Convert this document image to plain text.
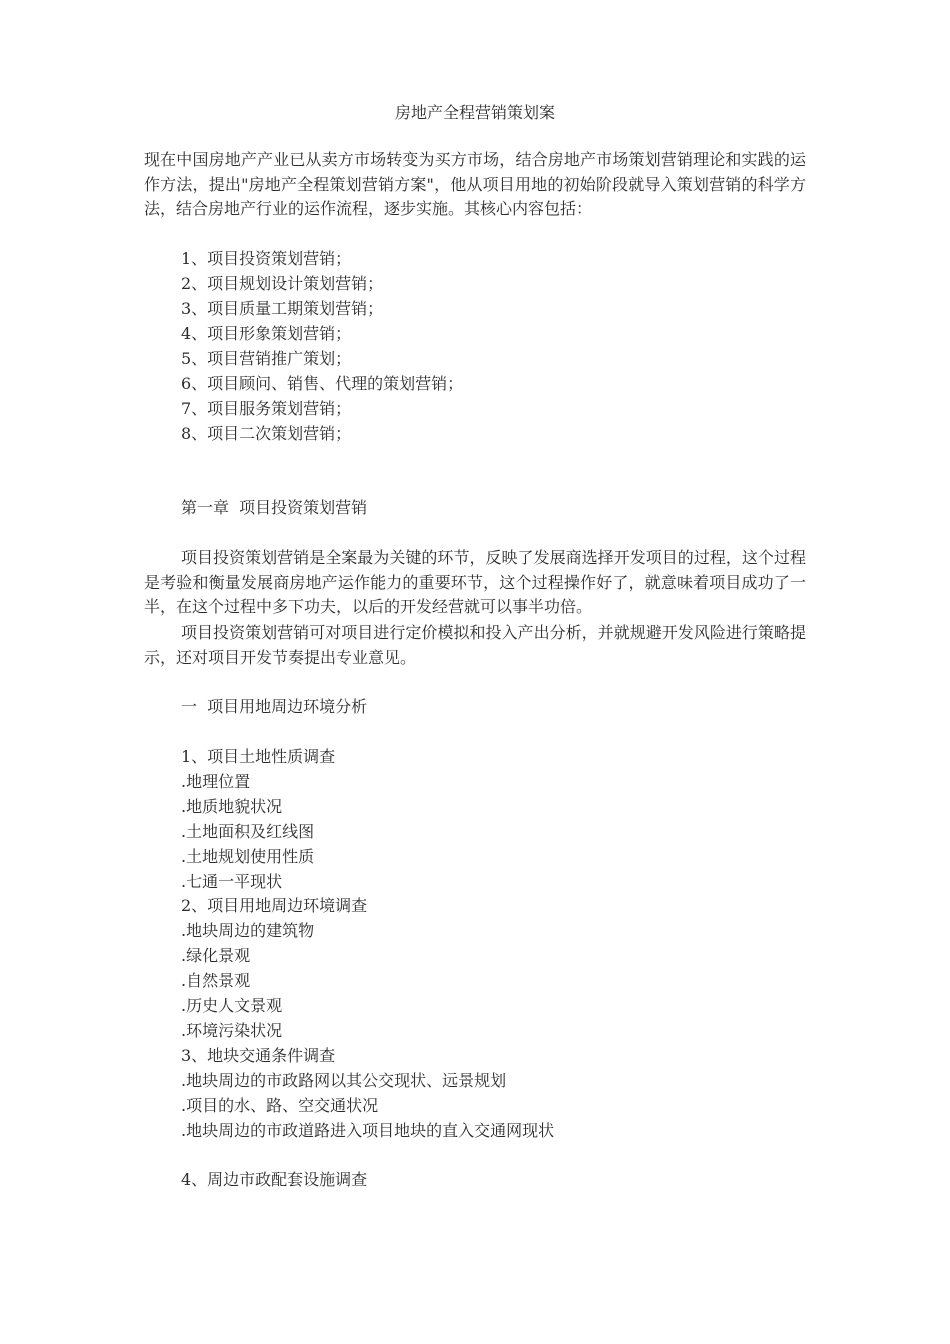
房地产全程营销策划案

现在中国房地产产业已从卖方市场转变为买方市场，结合房地产市场策划营销理论和实践的运作方法，提出"房地产全程策划营销方案"，他从项目用地的初始阶段就导入策划营销的科学方法，结合房地产行业的运作流程，逐步实施。其核心内容包括：

1、项目投资策划营销；
2、项目规划设计策划营销；
3、项目质量工期策划营销；
4、项目形象策划营销；
5、项目营销推广策划；
6、项目顾问、销售、代理的策划营销；
7、项目服务策划营销；
8、项目二次策划营销；
第一章  项目投资策划营销

项目投资策划营销是全案最为关键的环节，反映了发展商选择开发项目的过程，这个过程是考验和衡量发展商房地产运作能力的重要环节，这个过程操作好了，就意味着项目成功了一半，在这个过程中多下功夫，以后的开发经营就可以事半功倍。

项目投资策划营销可对项目进行定价模拟和投入产出分析，并就规避开发风险进行策略提示，还对项目开发节奏提出专业意见。

一  项目用地周边环境分析
1、项目土地性质调查
.地理位置
.地质地貌状况
.土地面积及红线图
.土地规划使用性质
.七通一平现状
2、项目用地周边环境调查
.地块周边的建筑物
.绿化景观
.自然景观
.历史人文景观
.环境污染状况
3、地块交通条件调查
.地块周边的市政路网以其公交现状、远景规划
.项目的水、路、空交通状况
.地块周边的市政道路进入项目地块的直入交通网现状
4、周边市政配套设施调查
